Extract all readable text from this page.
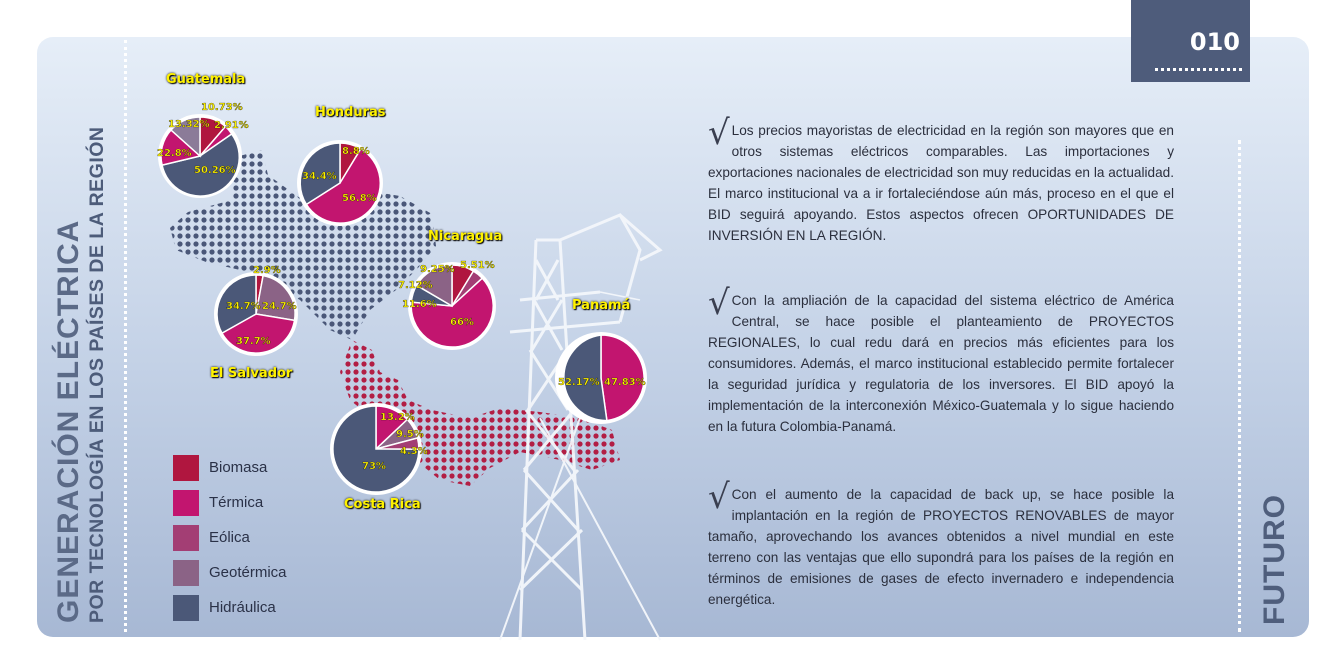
010
GENERACIÓN ELÉCTRICA POR TECNOLOGÍA EN LOS PAÍSES DE LA REGIÓN	FUTURO
10.73%
2.91%
13.32%
22.8%
50.26%
8.8%
56.8%
34.4%
9.25% 5.51%
7.12%
11.6%
66%
2.9%
34.7% 24.7%
37.7%
52.17% 47.83%
13.2%
9.5%
4.3%
73%
Guatemala
Honduras
Nicaragua
El Salvador
Panamá
Costa Rica
Biomasa
Térmica
Eólica
Geotérmica
Hidráulica
√ Los precios mayoristas de electricidad en la región son mayores que en otros sistemas eléctricos comparables. Las importaciones y exportaciones nacionales de electricidad son muy reducidas en la actualidad. El marco institucional va a ir fortaleciéndose aún más, proceso en el que el BID seguirá apoyando. Estos aspectos ofrecen OPORTUNIDADES DE INVERSIÓN EN LA REGIÓN.
√ Con la ampliación de la capacidad del sistema eléctrico de América Central, se hace posible el planteamiento de PROYECTOS REGIONALES, lo cual redu dará en precios más eficientes para los consumidores. Además, el marco institucional establecido permite fortalecer la seguridad jurídica y regulatoria de los inversores. El BID apoyó la implementación de la interconexión México-Guatemala y lo sigue haciendo en la futura Colombia-Panamá.
√ Con el aumento de la capacidad de back up, se hace posible la implantación en la región de PROYECTOS RENOVABLES de mayor tamaño, aprovechando los avances obtenidos a nivel mundial en este terreno con las ventajas que ello supondrá para los países de la región en términos de emisiones de gases de efecto invernadero e independencia energética.
